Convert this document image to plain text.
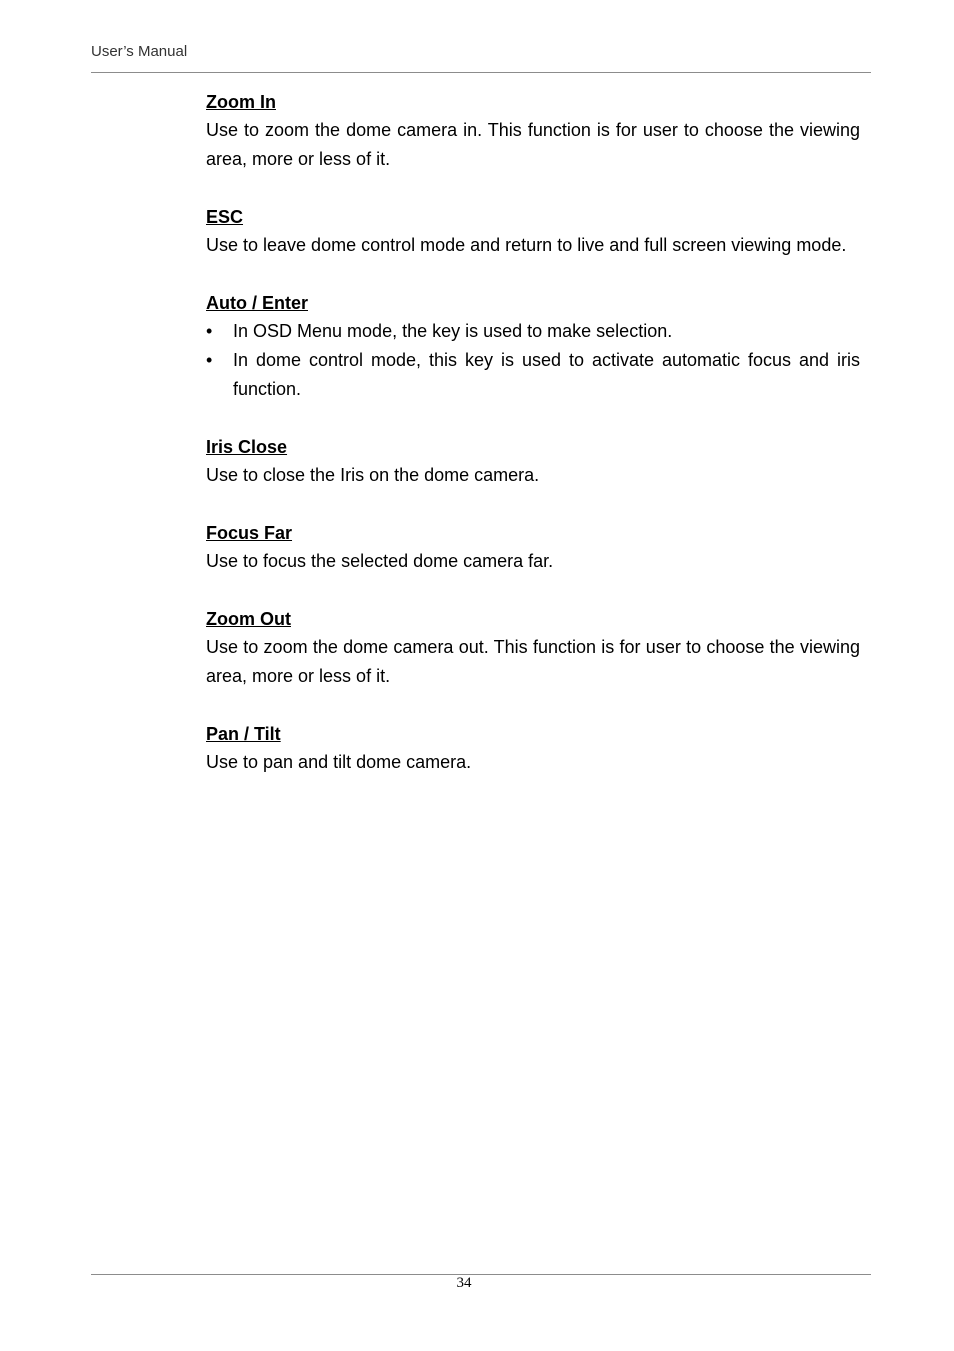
User’s Manual

Zoom In

Use to zoom the dome camera in. This function is for user to choose the viewing area, more or less of it.

ESC

Use to leave dome control mode and return to live and full screen viewing mode.

Auto / Enter

•	In OSD Menu mode, the key is used to make selection.
•	In dome control mode, this key is used to activate automatic focus and iris function.

Iris Close

Use to close the Iris on the dome camera.

Focus Far

Use to focus the selected dome camera far.

Zoom Out

Use to zoom the dome camera out. This function is for user to choose the viewing area, more or less of it.

Pan / Tilt

Use to pan and tilt dome camera.

34
